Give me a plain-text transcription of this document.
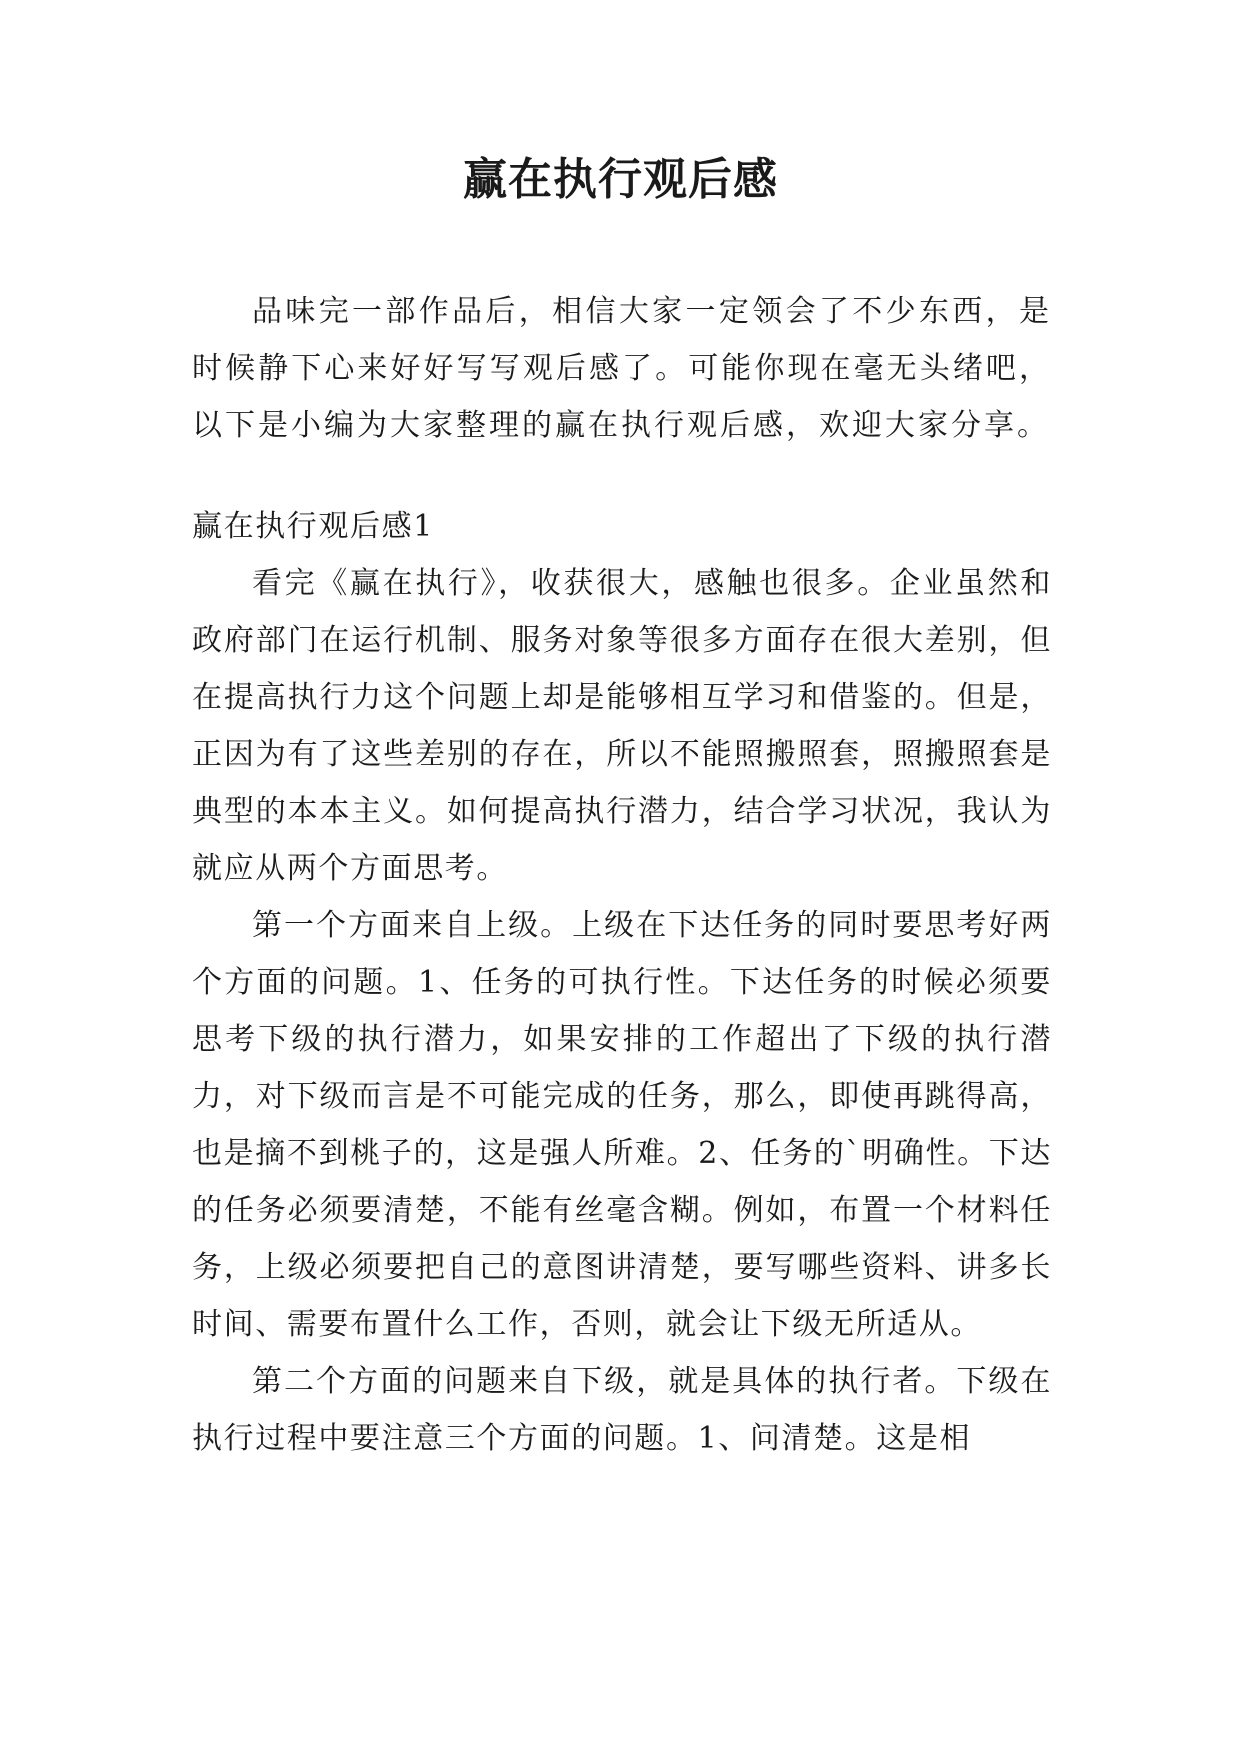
赢在执行观后感

品味完一部作品后，相信大家一定领会了不少东西，是时候静下心来好好写写观后感了。可能你现在毫无头绪吧，以下是小编为大家整理的赢在执行观后感，欢迎大家分享。

赢在执行观后感1

看完《赢在执行》，收获很大，感触也很多。企业虽然和政府部门在运行机制、服务对象等很多方面存在很大差别，但在提高执行力这个问题上却是能够相互学习和借鉴的。但是，正因为有了这些差别的存在，所以不能照搬照套，照搬照套是典型的本本主义。如何提高执行潜力，结合学习状况，我认为就应从两个方面思考。

第一个方面来自上级。上级在下达任务的同时要思考好两个方面的问题。1、任务的可执行性。下达任务的时候必须要思考下级的执行潜力，如果安排的工作超出了下级的执行潜力，对下级而言是不可能完成的任务，那么，即使再跳得高，也是摘不到桃子的，这是强人所难。2、任务的`明确性。下达的任务必须要清楚，不能有丝毫含糊。例如，布置一个材料任务，上级必须要把自己的意图讲清楚，要写哪些资料、讲多长时间、需要布置什么工作，否则，就会让下级无所适从。

第二个方面的问题来自下级，就是具体的执行者。下级在执行过程中要注意三个方面的问题。1、问清楚。这是相
